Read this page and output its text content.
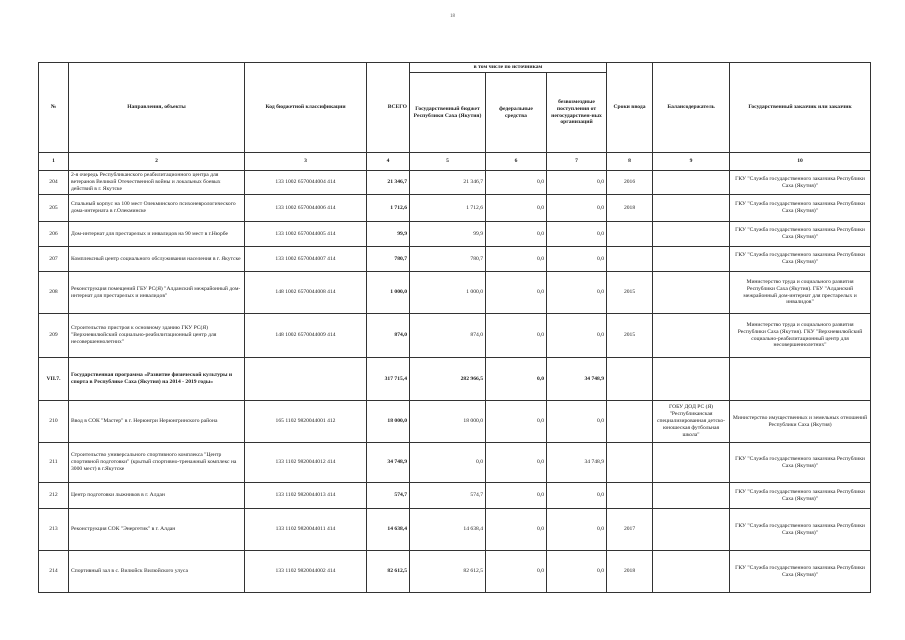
18
№	Направления, объекты	Код бюджетной классификации	ВСЕГО	в том числе по источникам			Сроки ввода	Балансодержатель	Государственный заказчик или заказчик
				Государственный бюджет Республики Саха (Якутия)	федеральные средства	безвозмездные поступления от негосударствен-ных организаций			
1	2	3	4	5	6	7	8	9	10
204	2-я очередь Республиканского реабилитационного центра для ветеранов Великой Отечественной войны и локальных боевых действий в г. Якутске	133 1002 6570044004 414	21 346,7	21 346,7	0,0	0,0	2016		ГКУ "Служба государственного заказчика Республики Саха (Якутия)"
205	Спальный корпус на 100 мест Олекминского психоневрологического дома-интерната в г.Олекминске	133 1002 6570044006 414	1 712,6	1 712,6	0,0	0,0	2018		ГКУ "Служба государственного заказчика Республики Саха (Якутия)"
206	Дом-интернат для престарелых и инвалидов на 90 мест в г.Нюрбе	133 1002 6570044005 414	99,9	99,9	0,0	0,0			ГКУ "Служба государственного заказчика Республики Саха (Якутия)"
207	Комплексный центр социального обслуживания населения в г. Якутске	133 1002 6570044007 414	780,7	780,7	0,0	0,0			ГКУ "Служба государственного заказчика Республики Саха (Якутия)"
208	Реконструкция помещений ГБУ РС(Я) "Алданский межрайонный дом-интернат для престарелых и инвалидов"	148 1002 6570044008 414	1 000,0	1 000,0	0,0	0,0	2015		Министерство труда и социального развития Республики Саха (Якутия). ГБУ "Алданский межрайонный дом-интернат для престарелых и инвалидов"
209	Строительство пристроя к основному зданию ГКУ РС(Я) "Верхневилюйский социально-реабилитационный центр для несовершеннолетних"	148 1002 6570044009 414	874,0	874,0	0,0	0,0	2015		Министерство труда и социального развития Республики Саха (Якутия). ГКУ "Верхневилюйский социально-реабилитационный центр для несовершеннолетних"
VII.7.	Государственная программа «Развитие физической культуры и спорта в Республике Саха (Якутия) на 2014 - 2019 годы»		317 715,4	282 966,5	0,0	34 748,9			
210	Ввод в СОК "Мастер" в г. Нерюнгри Нерюнгринского района	165 1102 9820044001 412	18 000,0	18 000,0	0,0	0,0		ГОБУ ДОД РС (Я) "Республиканская специализированная детско-юношеская футбольная школа"	Министерство имущественных и земельных отношений Республики Саха (Якутия)
211	Строительство универсального спортивного комплекса "Центр спортивной подготовки" (крытый спортивно-тренажный комплекс на 3000 мест) в г.Якутске	133 1102 9820044012 414	34 748,9	0,0	0,0	34 748,9			ГКУ "Служба государственного заказчика Республики Саха (Якутия)"
212	Центр подготовки лыжников в г. Алдан	133 1102 9820044013 414	574,7	574,7	0,0	0,0			ГКУ "Служба государственного заказчика Республики Саха (Якутия)"
213	Реконструкция СОК "Энергетик" в г. Алдан	133 1102 9820044011 414	14 638,4	14 638,4	0,0	0,0	2017		ГКУ "Служба государственного заказчика Республики Саха (Якутия)"
214	Спортивный зал в с. Вилюйск Вилюйского улуса	133 1102 9820044002 414	82 612,5	82 612,5	0,0	0,0	2018		ГКУ "Служба государственного заказчика Республики Саха (Якутия)"
